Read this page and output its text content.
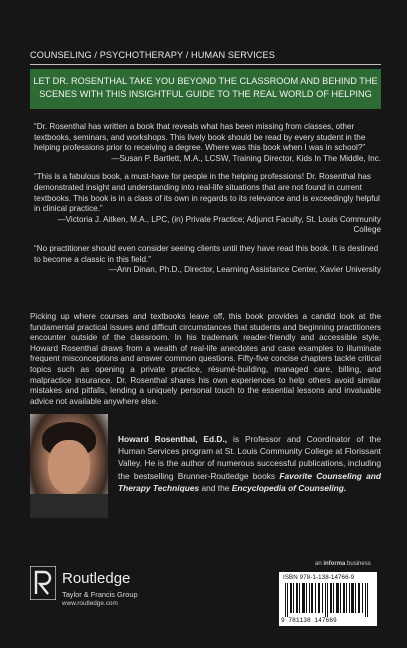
COUNSELING / PSYCHOTHERAPY / HUMAN SERVICES
LET DR. ROSENTHAL TAKE YOU BEYOND THE CLASSROOM AND BEHIND THE
SCENES WITH THIS INSIGHTFUL GUIDE TO THE REAL WORLD OF HELPING
“Dr. Rosenthal has written a book that reveals what has been missing from classes, other textbooks, seminars, and workshops. This lively book should be read by every student in the helping professions prior to receiving a degree. Where was this book when I was in school?”
—Susan P. Bartlett, M.A., LCSW, Training Director, Kids In The Middle, Inc.
“This is a fabulous book, a must-have for people in the helping professions! Dr. Rosenthal has demonstrated insight and understanding into real-life situations that are not found in current textbooks. This book is in a class of its own in regards to its relevance and is exceedingly helpful in clinical practice.”
—Victoria J. Aitken, M.A., LPC, (in) Private Practice; Adjunct Faculty, St. Louis Community College
“No practitioner should even consider seeing clients until they have read this book. It is destined to become a classic in this field.”
—Ann Dinan, Ph.D., Director, Learning Assistance Center, Xavier University
Picking up where courses and textbooks leave off, this book provides a candid look at the fundamental practical issues and difficult circumstances that students and beginning practitioners encounter outside of the classroom. In his trademark reader-friendly and accessible style, Howard Rosenthal draws from a wealth of real-life anecdotes and case examples to illuminate frequent misconceptions and answer common questions. Fifty-five concise chapters tackle critical topics such as opening a private practice, résumé-building, managed care, billing, and malpractice insurance. Dr. Rosenthal shares his own experiences to help others avoid similar mistakes and pitfalls, lending a uniquely personal touch to the essential lessons and invaluable advice not available anywhere else.
Howard Rosenthal, Ed.D., is Professor and Coordinator of the Human Services program at St. Louis Community College at Florissant Valley. He is the author of numerous successful publications, including the bestselling Brunner-Routledge books Favorite Counseling and Therapy Techniques and the Encyclopedia of Counseling.
an informa business
ISBN 978-1-138-14766-9
9 781138 147669
Routledge
Taylor & Francis Group
www.routledge.com
